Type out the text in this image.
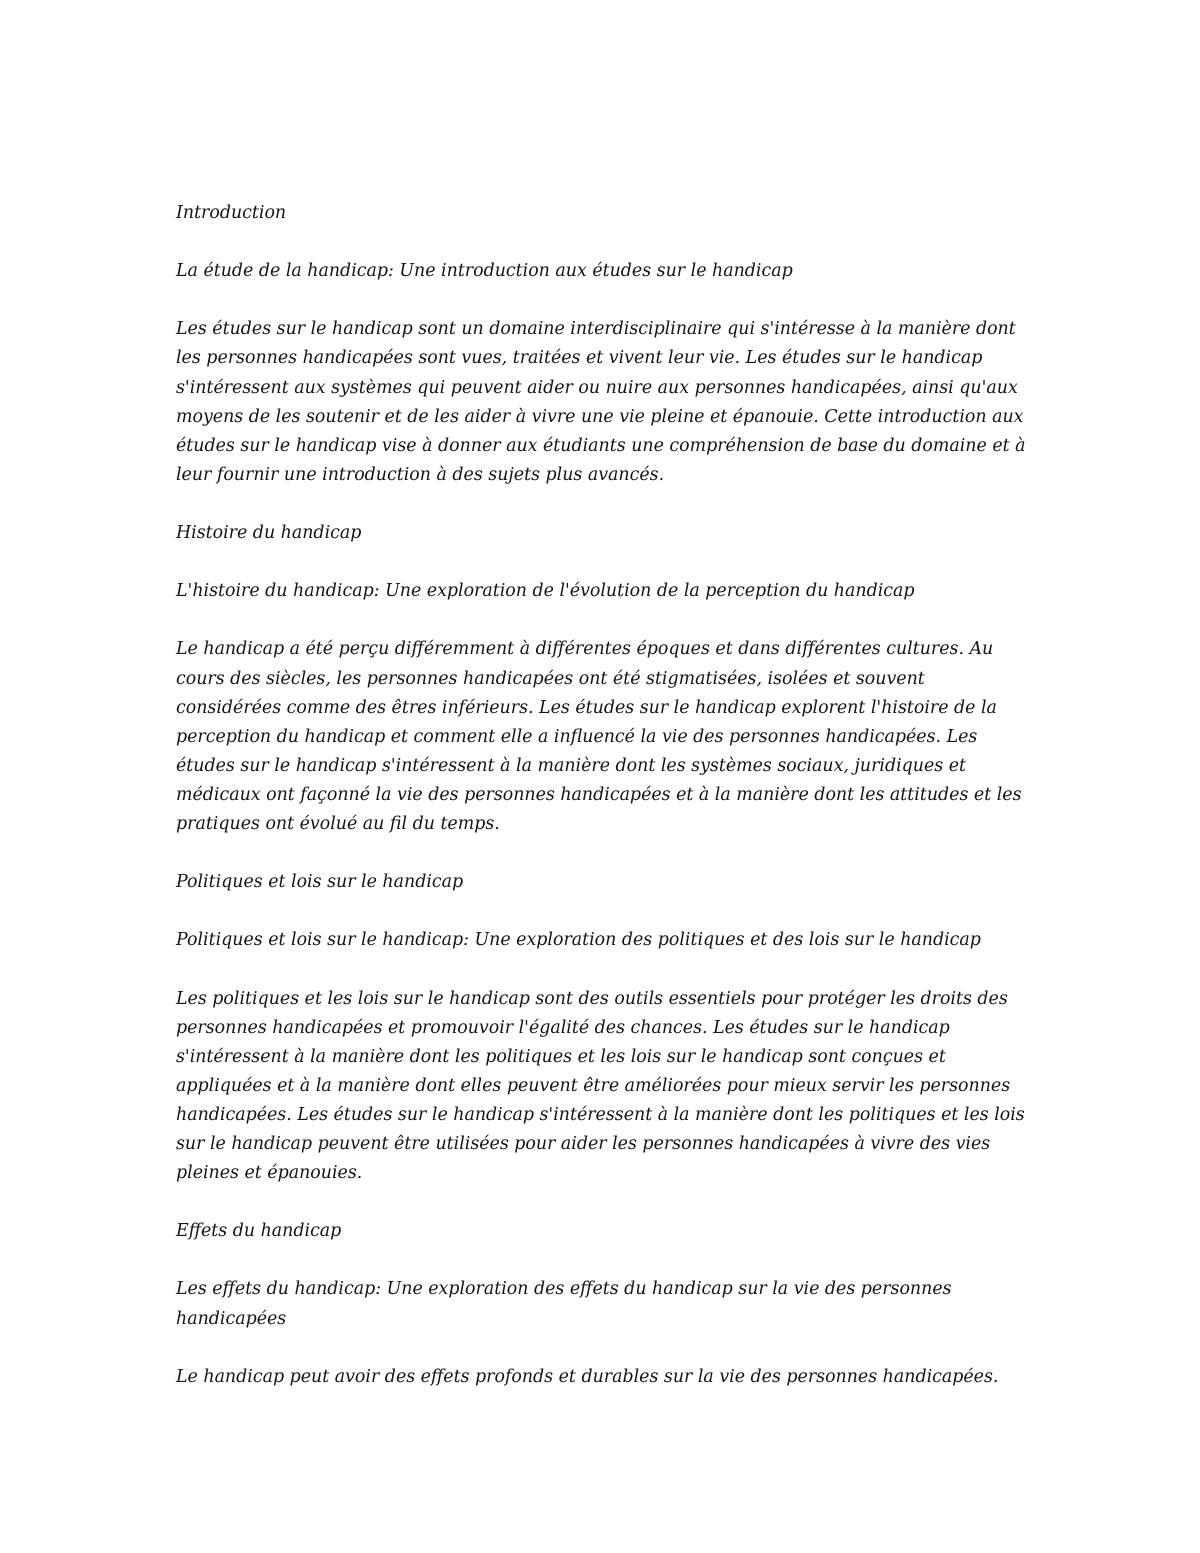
Introduction

La étude de la handicap: Une introduction aux études sur le handicap

Les études sur le handicap sont un domaine interdisciplinaire qui s'intéresse à la manière dont les personnes handicapées sont vues, traitées et vivent leur vie. Les études sur le handicap s'intéressent aux systèmes qui peuvent aider ou nuire aux personnes handicapées, ainsi qu'aux moyens de les soutenir et de les aider à vivre une vie pleine et épanouie. Cette introduction aux études sur le handicap vise à donner aux étudiants une compréhension de base du domaine et à leur fournir une introduction à des sujets plus avancés.

Histoire du handicap

L'histoire du handicap: Une exploration de l'évolution de la perception du handicap

Le handicap a été perçu différemment à différentes époques et dans différentes cultures. Au cours des siècles, les personnes handicapées ont été stigmatisées, isolées et souvent considérées comme des êtres inférieurs. Les études sur le handicap explorent l'histoire de la perception du handicap et comment elle a influencé la vie des personnes handicapées. Les études sur le handicap s'intéressent à la manière dont les systèmes sociaux, juridiques et médicaux ont façonné la vie des personnes handicapées et à la manière dont les attitudes et les pratiques ont évolué au fil du temps.

Politiques et lois sur le handicap

Politiques et lois sur le handicap: Une exploration des politiques et des lois sur le handicap

Les politiques et les lois sur le handicap sont des outils essentiels pour protéger les droits des personnes handicapées et promouvoir l'égalité des chances. Les études sur le handicap s'intéressent à la manière dont les politiques et les lois sur le handicap sont conçues et appliquées et à la manière dont elles peuvent être améliorées pour mieux servir les personnes handicapées. Les études sur le handicap s'intéressent à la manière dont les politiques et les lois sur le handicap peuvent être utilisées pour aider les personnes handicapées à vivre des vies pleines et épanouies.

Effets du handicap

Les effets du handicap: Une exploration des effets du handicap sur la vie des personnes handicapées

Le handicap peut avoir des effets profonds et durables sur la vie des personnes handicapées.
